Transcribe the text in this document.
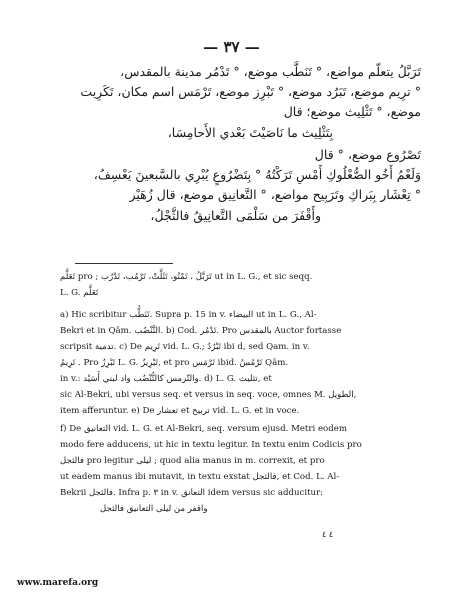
— ٣٧ —
تَرَبَّلُ يتعلّم مواضع، ° تَنَطَّب موضع، ° تَدْمُر مدينة بالمقدس،
° ترِيم موضع، تَبَرُد موضع، ° تَبْرِز موضع، تَرْمَس اسم مكان، تَكَرِيت
موضع، ° تَثْلِيث موضع؛ قال
بِتَثْلِيث ما نَاصَيْتَ بَعْدي الأَحامِسَا،
تَصْرُوع موضع، ° قال
وَلَعْمُ أَخُو الصُّعْلُوكِ أَمْسِ تَرَكْتُهُ ° بِتَضْرُوعٍ يُبْرِي بالسَّبعينَ يَعْسِفُ،
° تِعْشَار بِبَراكِ وتَرَبِيح مواضع، ° التَّعانِيق موضع، قال زُهَيْر
وأَقْفَرَ من سَلْمَى التَّعانِيقُ فالثَّجْلُ،
تَعَلَّم pro ; تَرَبَّلُ ، تَمْتُو، تَثَلَّتْ، تَرْمُب، تَدْرُب ut in L. G., et sic seqq.
L. G. تَعَلَّم
a) Hic scribitur تَنَطُّب. Supra p. 15 in v. البيضاء ut in L. G., Al-
Bekri et in Qâm. التَّنْضُب. b) Cod. تَدْمُر. Pro بالمقدس Auctor fortasse
scripsit تدمیة. c) De تَرِيم vid. L. G.; تَبْرُدُ ibi d, sed Qam. in v.
تَرِيمُ . Pro تَبْرِزُ L. G. تَبْرِيزُ, et pro تَرْمَس ibid. تَرْمُسُ Qâm.
in v.: والتّرمس كالتُّنْضُب واد لبني أَسَيْد. d) L. G. تثليث, et
sic Al-Bekri, ubi versus seq. et versus in seq. voce, omnes M. الطويل,
item afferuntur. e) De تعشار et تربيح vid. L. G. et in voce.
f) De التعانيق vid. L. G. et Al-Bekri, seq. versum ejusd. Metri eodem
modo fere adducens, ut hic in textu legitur. In textu enim Codicis pro
فالثجل pro legitur ليلى ; quod alia manus in m. correxit, et pro
ut eadem manus ibi mutavit, in textu exstat فالثجل, et Cod. L. Al-
Bekrii فالثجل. Infra p. ۳ in v. التعانق idem versus sic adducitur:
واقفر من ليلى التعانيق فالثجل
٤ ٤
www.marefa.org
